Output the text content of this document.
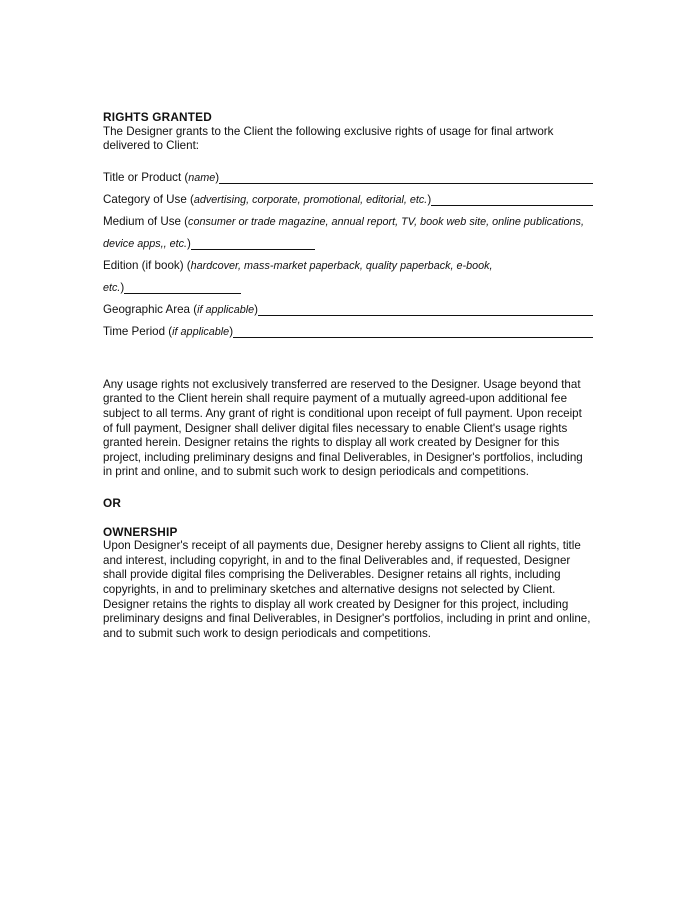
RIGHTS GRANTED

The Designer grants to the Client the following exclusive rights of usage for final artwork delivered to Client:

Title or Product ( name )
Category of Use ( advertising, corporate, promotional, editorial, etc. )
Medium of Use ( consumer or trade magazine, annual report, TV, book web site, online publications,
device apps,, etc. )
Edition (if book) ( hardcover, mass-market paperback, quality paperback, e-book,
etc. )
Geographic Area ( if applicable )
Time Period ( if applicable )

Any usage rights not exclusively transferred are reserved to the Designer. Usage beyond that granted to the Client herein shall require payment of a mutually agreed-upon additional fee subject to all terms. Any grant of right is conditional upon receipt of full payment. Upon receipt of full payment, Designer shall deliver digital files necessary to enable Client's usage rights granted herein. Designer retains the rights to display all work created by Designer for this project, including preliminary designs and final Deliverables, in Designer's portfolios, including in print and online, and to submit such work to design periodicals and competitions.

OR
OWNERSHIP

Upon Designer's receipt of all payments due, Designer hereby assigns to Client all rights, title and interest, including copyright, in and to the final Deliverables and, if requested, Designer shall provide digital files comprising the Deliverables. Designer retains all rights, including copyrights, in and to preliminary sketches and alternative designs not selected by Client. Designer retains the rights to display all work created by Designer for this project, including preliminary designs and final Deliverables, in Designer's portfolios, including in print and online, and to submit such work to design periodicals and competitions.
